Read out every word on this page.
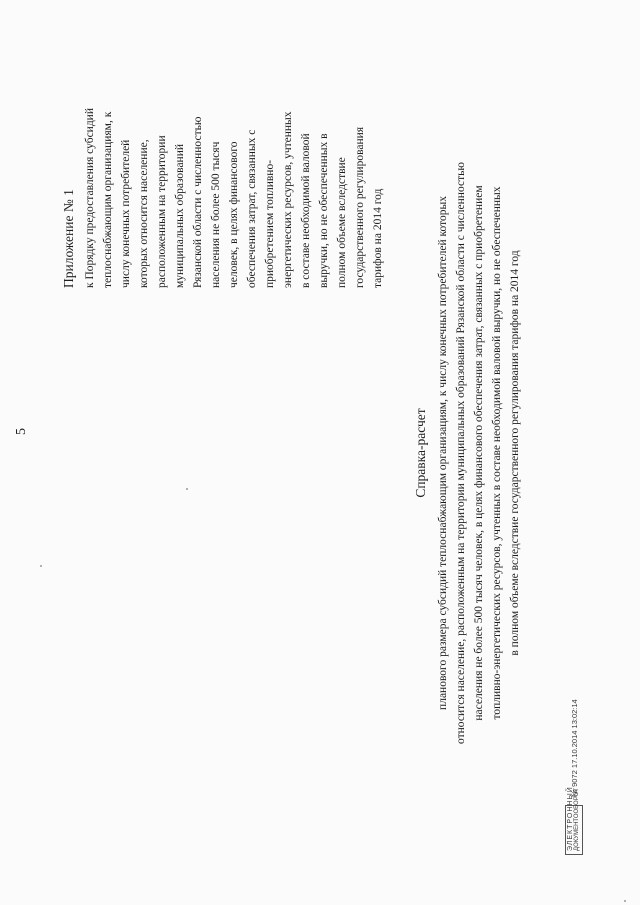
5
Приложение № 1 к Порядку предоставления субсидий теплоснабжающим организациям, к числу конечных потребителей которых относится население, расположенным на территории муниципальных образований Рязанской области с численностью населения не более 500 тысяч человек, в целях финансового обеспечения затрат, связанных с приобретением топливно- энергетических ресурсов, учтенных в составе необходимой валовой выручки, но не обеспеченных в полном объеме вследствие государственного регулирования тарифов на 2014 год
Справка-расчет планового размера субсидий теплоснабжающим организациям, к числу конечных потребителей которых относится население, расположенным на территории муниципальных образований Рязанской области с численностью населения не более 500 тысяч человек, в целях финансового обеспечения затрат, связанных с приобретением топливно-энергетических ресурсов, учтенных в составе необходимой валовой выручки, но не обеспеченных в полном объеме вследствие государственного регулирования тарифов на 2014 год
ЭЛЕКТРОННЫЙ ДОКУМЕНТООБОРОТ
№ 9072 17.10.2014 13:02:14
